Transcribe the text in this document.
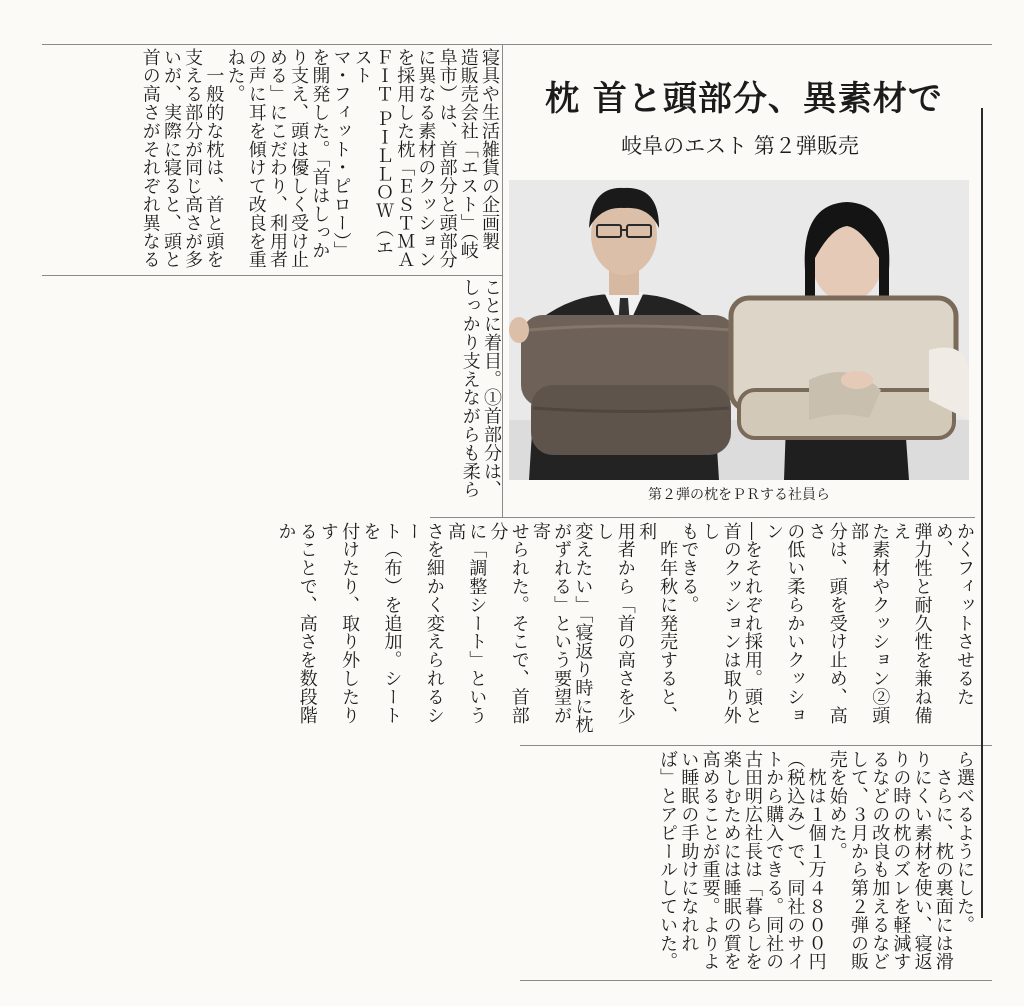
枕 首と頭部分、異素材で
岐阜のエスト 第２弾販売
第２弾の枕をＰＲする社員ら
寝具や生活雑貨の企画製
造販売会社「エスト」（岐
阜市）は、首部分と頭部分
に異なる素材のクッション
を採用した枕「ＥＳＴＭＡ
ＦＩＴ ＰＩＬＬＯＷ（エスト
マ・フィット・ピロー）」
を開発した。「首はしっか
り支え、頭は優しく受け止
める」にこだわり、利用者
の声に耳を傾けて改良を重
ねた。
　一般的な枕は、首と頭を
支える部分が同じ高さが多
いが、実際に寝ると、頭と
首の高さがそれぞれ異なる
ことに着目。①首部分は、
しっかり支えながらも柔ら
かくフィットさせるため、
弾力性と耐久性を兼ね備え
た素材やクッション②頭部
分は、頭を受け止め、高さ
の低い柔らかいクッション
―をそれぞれ採用。頭と
首のクッションは取り外し
もできる。
　昨年秋に発売すると、利
用者から「首の高さを少し
変えたい」「寝返り時に枕
がずれる」という要望が寄
せられた。そこで、首部分
に「調整シート」という高
さを細かく変えられるシー
ト（布）を追加。シートを
付けたり、取り外したりす
ることで、高さを数段階か
ら選べるようにした。
　さらに、枕の裏面には滑
りにくい素材を使い、寝返
りの時の枕のズレを軽減す
るなどの改良も加えるなど
して、３月から第２弾の販
売を始めた。
　枕は１個１万４８００円
（税込み）で、同社のサイ
トから購入できる。同社の
古田明広社長は「暮らしを
楽しむためには睡眠の質を
高めることが重要。よりよ
い睡眠の手助けになれれ
ば」とアピールしていた。
